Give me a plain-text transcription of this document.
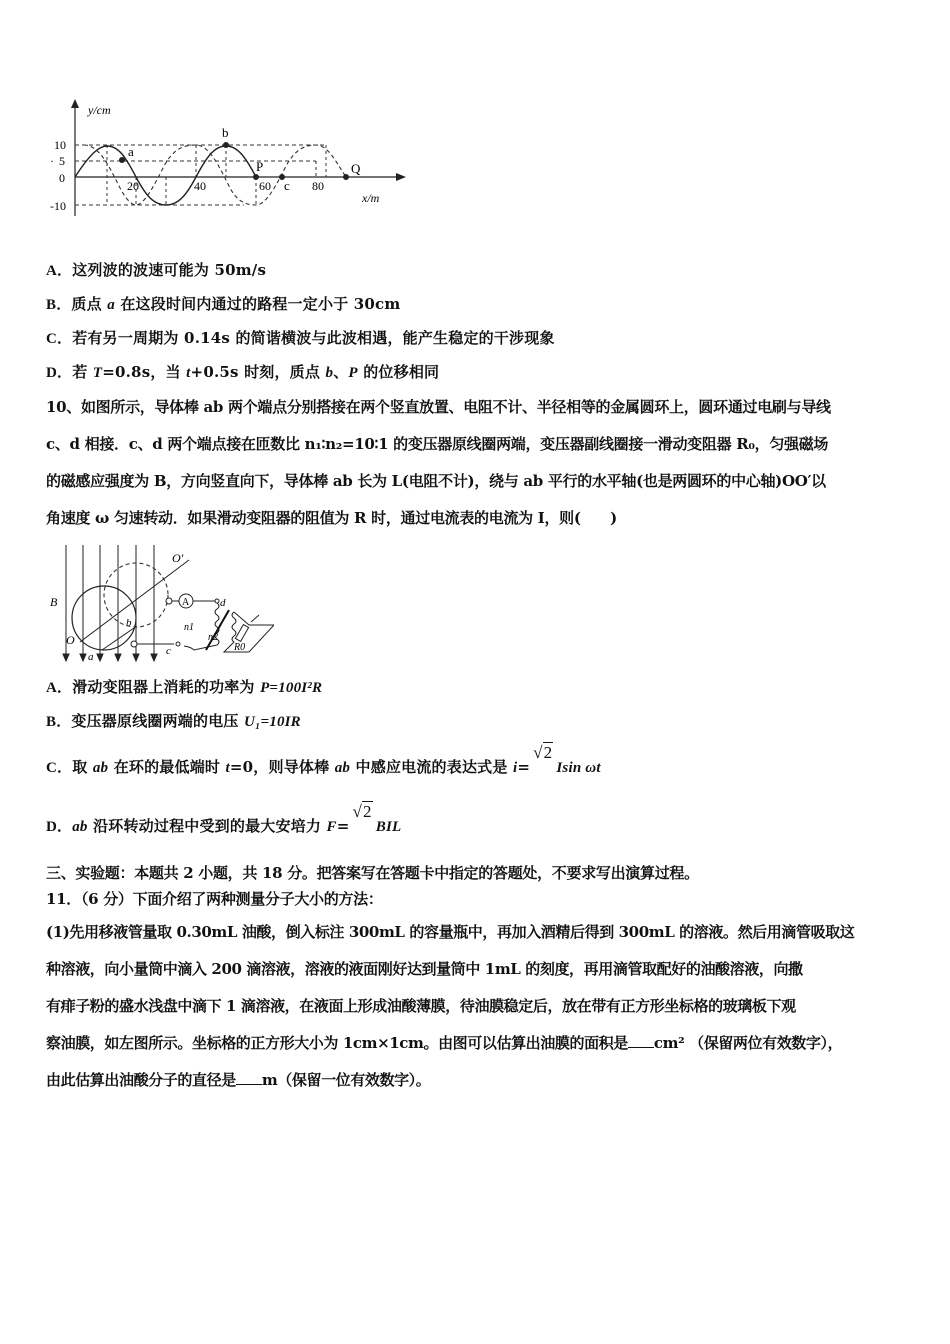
y/cm
x/m
10
· 5
0
-10
20	40	60	80
a
b
P
c
Q
A．这列波的波速可能为 50m/s
B．质点 a 在这段时间内通过的路程一定小于 30cm
C．若有另一周期为 0.14s 的简谐横波与此波相遇，能产生稳定的干涉现象
D．若 T=0.8s，当 t+0.5s 时刻，质点 b、P 的位移相同
10、如图所示，导体棒 ab 两个端点分别搭接在两个竖直放置、电阻不计、半径相等的金属圆环上，圆环通过电刷与导线
c、d 相接．c、d 两个端点接在匝数比 n₁∶n₂=10∶1 的变压器原线圈两端，变压器副线圈接一滑动变阻器 R₀，匀强磁场
的磁感应强度为 B，方向竖直向下，导体棒 ab 长为 L(电阻不计)，绕与 ab 平行的水平轴(也是两圆环的中心轴)OO′以
角速度 ω 匀速转动．如果滑动变阻器的阻值为 R 时，通过电流表的电流为 I，则(　　)
A
B
O
O′
a
b
c
d
n1
n2
R0
A．滑动变阻器上消耗的功率为 P=100I²R
B．变压器原线圈两端的电压 U₁=10IR
C．取 ab 在环的最低端时 t=0，则导体棒 ab 中感应电流的表达式是 i=√2Isin ωt
D．ab 沿环转动过程中受到的最大安培力 F=√2BIL
三、实验题：本题共 2 小题，共 18 分。把答案写在答题卡中指定的答题处，不要求写出演算过程。
11．（6 分）下面介绍了两种测量分子大小的方法：
(1)先用移液管量取 0.30mL 油酸，倒入标注 300mL 的容量瓶中，再加入酒精后得到 300mL 的溶液。然后用滴管吸取这
种溶液，向小量筒中滴入 200 滴溶液，溶液的液面刚好达到量筒中 1mL 的刻度，再用滴管取配好的油酸溶液，向撒
有痱子粉的盛水浅盘中滴下 1 滴溶液，在液面上形成油酸薄膜，待油膜稳定后，放在带有正方形坐标格的玻璃板下观
察油膜，如左图所示。坐标格的正方形大小为 1cm×1cm。由图可以估算出油膜的面积是 cm² （保留两位有效数字），
由此估算出油酸分子的直径是 m（保留一位有效数字）。
